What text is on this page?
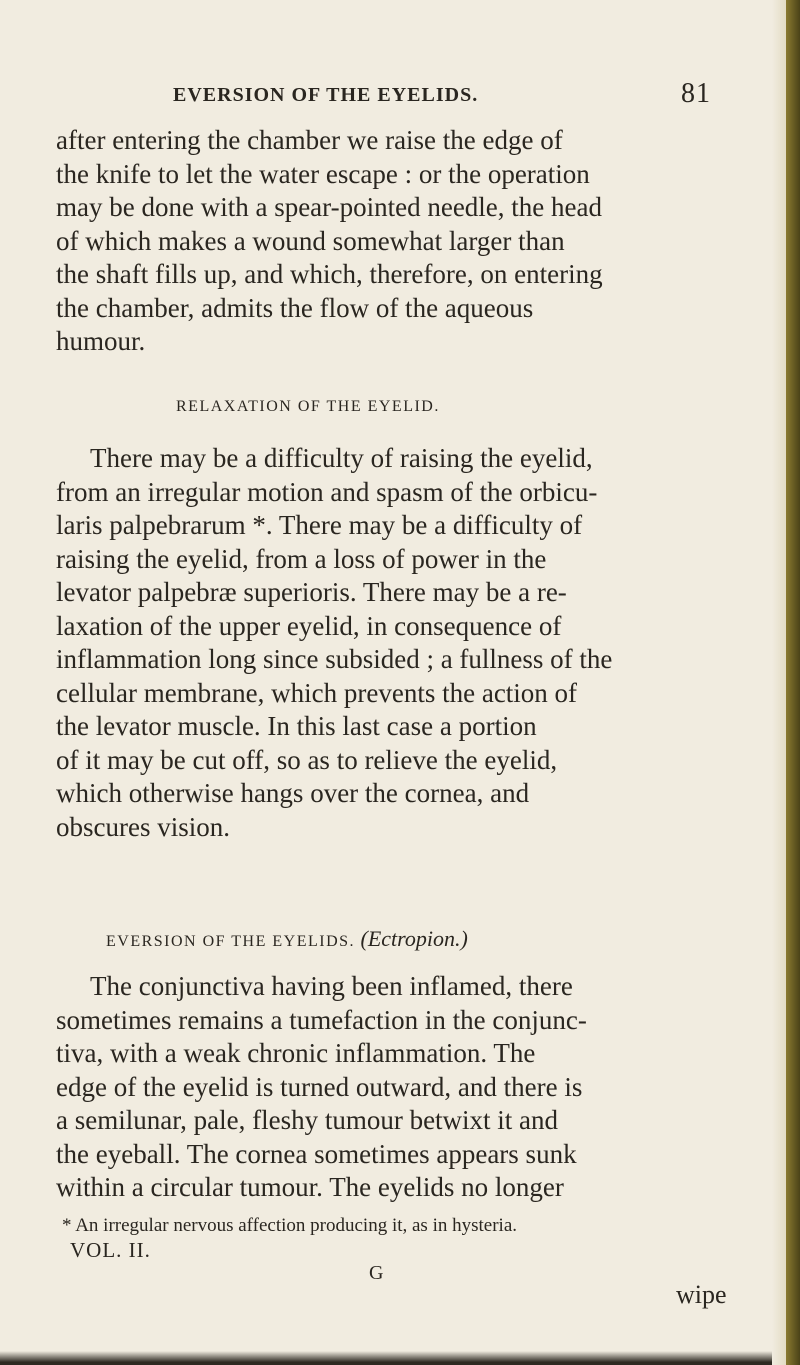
EVERSION OF THE EYELIDS.	81
after entering the chamber we raise the edge of
the knife to let the water escape : or the operation
may be done with a spear-pointed needle, the head
of which makes a wound somewhat larger than
the shaft fills up, and which, therefore, on entering
the chamber, admits the flow of the aqueous
humour.
RELAXATION OF THE EYELID.
There may be a difficulty of raising the eyelid,
from an irregular motion and spasm of the orbicu-
laris palpebrarum *. There may be a difficulty of
raising the eyelid, from a loss of power in the
levator palpebræ superioris. There may be a re-
laxation of the upper eyelid, in consequence of
inflammation long since subsided ; a fullness of the
cellular membrane, which prevents the action of
the levator muscle. In this last case a portion
of it may be cut off, so as to relieve the eyelid,
which otherwise hangs over the cornea, and
obscures vision.
EVERSION OF THE EYELIDS. (Ectropion.)
The conjunctiva having been inflamed, there
sometimes remains a tumefaction in the conjunc-
tiva, with a weak chronic inflammation. The
edge of the eyelid is turned outward, and there is
a semilunar, pale, fleshy tumour betwixt it and
the eyeball. The cornea sometimes appears sunk
within a circular tumour. The eyelids no longer
* An irregular nervous affection producing it, as in hysteria.
VOL. II.
G
wipe
